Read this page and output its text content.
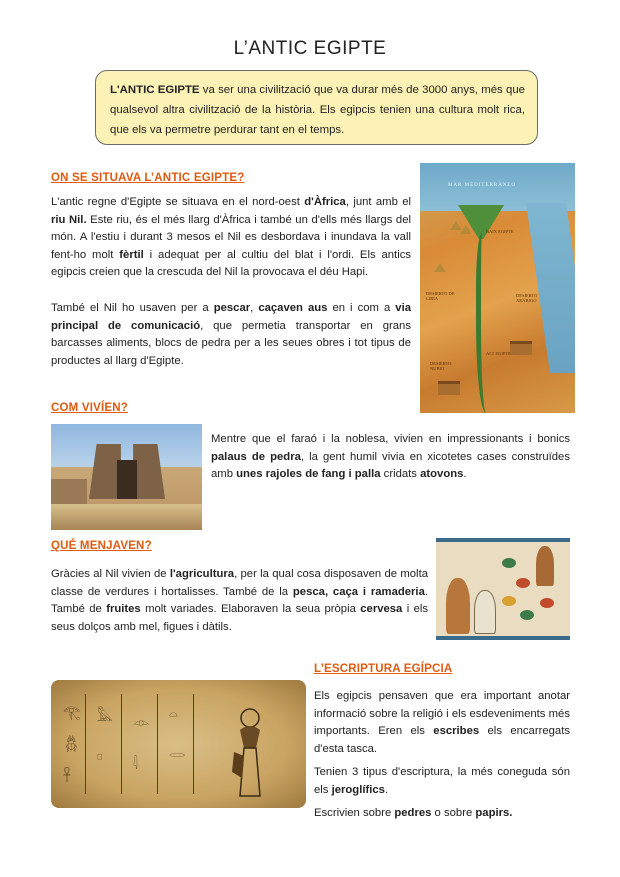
L’ANTIC EGIPTE
L'ANTIC EGIPTE va ser una civilització que va durar més de 3000 anys, més que qualsevol altra civilització de la història. Els egipcis tenien una cultura molt rica, que els va permetre perdurar tant en el temps.
ON SE SITUAVA L’ANTIC EGIPTE?
L'antic regne d'Egipte se situava en el nord-oest d'Àfrica, junt amb el riu Nil. Este riu, és el més llarg d'Àfrica i també un d'ells més llargs del món. A l'estiu i durant 3 mesos el Nil es desbordava i inundava la vall fent-ho molt fèrtil i adequat per al cultiu del blat i l'ordi. Els antics egipcis creien que la crescuda del Nil la provocava el déu Hapi.
També el Nil ho usaven per a pescar, caçaven aus en i com a via principal de comunicació, que permetia transportar en grans barcasses aliments, blocs de pedra per a les seues obres i tot tipus de productes al llarg d'Egipte.
MAR MEDITERRÀNEO
BAIX EGIPTE
ALT EGIPTE
DESIERTO DE LIBIA
DESIERTO ARÁBIGO
DESIERTO NUBIO
COM VIVÍEN?
Mentre que el faraó i la noblesa, vivien en impressionants i bonics palaus de pedra, la gent humil vivia en xicotetes cases construïdes amb unes rajoles de fang i palla cridats atovons.
QUÉ MENJAVEN?
Gràcies al Nil vivien de l'agricultura, per la qual cosa disposaven de molta classe de verdures i hortalisses. També de la pesca, caça i ramaderia. També de fruites molt variades. Elaboraven la seua pròpia cervesa i els seus dolços amb mel, figues i dàtils.
L’ESCRIPTURA EGÍPCIA
𓂀
𓆣
𓋹
𓅓
𓊪
𓁹
𓇋
𓏏
𓂋
Els egipcis pensaven que era important anotar informació sobre la religió i els esdeveniments més importants. Eren els escribes els encarregats d'esta tasca.
Tenien 3 tipus d'escriptura, la més coneguda són els jeroglífics.
Escrivien sobre pedres o sobre papirs.
